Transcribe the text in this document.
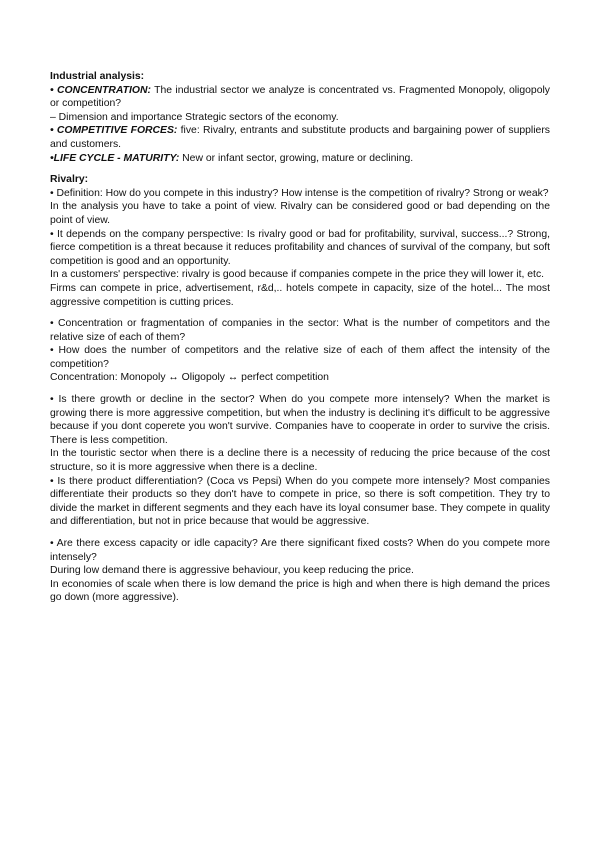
Industrial analysis:

• CONCENTRATION: The industrial sector we analyze is concentrated vs. Fragmented Monopoly, oligopoly or competition?

– Dimension and importance Strategic sectors of the economy.

• COMPETITIVE FORCES: five: Rivalry, entrants and substitute products and bargaining power of suppliers and customers.

•LIFE CYCLE - MATURITY: New or infant sector, growing, mature or declining.

Rivalry:

• Definition: How do you compete in this industry? How intense is the competition of rivalry? Strong or weak?

In the analysis you have to take a point of view. Rivalry can be considered good or bad depending on the point of view.

• It depends on the company perspective: Is rivalry good or bad for profitability, survival, success...? Strong, fierce competition is a threat because it reduces profitability and chances of survival of the company, but soft competition is good and an opportunity.

In a customers' perspective: rivalry is good because if companies compete in the price they will lower it, etc.

Firms can compete in price, advertisement, r&d,.. hotels compete in capacity, size of the hotel... The most aggressive competition is cutting prices.

• Concentration or fragmentation of companies in the sector: What is the number of competitors and the relative size of each of them?

• How does the number of competitors and the relative size of each of them affect the intensity of the competition?

Concentration: Monopoly ↔ Oligopoly ↔ perfect competition

• Is there growth or decline in the sector? When do you compete more intensely? When the market is growing there is more aggressive competition, but when the industry is declining it's difficult to be aggressive because if you dont coperete you won't survive. Companies have to cooperate in order to survive the crisis. There is less competition.

In the touristic sector when there is a decline there is a necessity of reducing the price because of the cost structure, so it is more aggressive when there is a decline.

• Is there product differentiation? (Coca vs Pepsi) When do you compete more intensely? Most companies differentiate their products so they don't have to compete in price, so there is soft competition. They try to divide the market in different segments and they each have its loyal consumer base. They compete in quality and differentiation, but not in price because that would be aggressive.

• Are there excess capacity or idle capacity? Are there significant fixed costs? When do you compete more intensely?

During low demand there is aggressive behaviour, you keep reducing the price.

In economies of scale when there is low demand the price is high and when there is high demand the prices go down (more aggressive).
